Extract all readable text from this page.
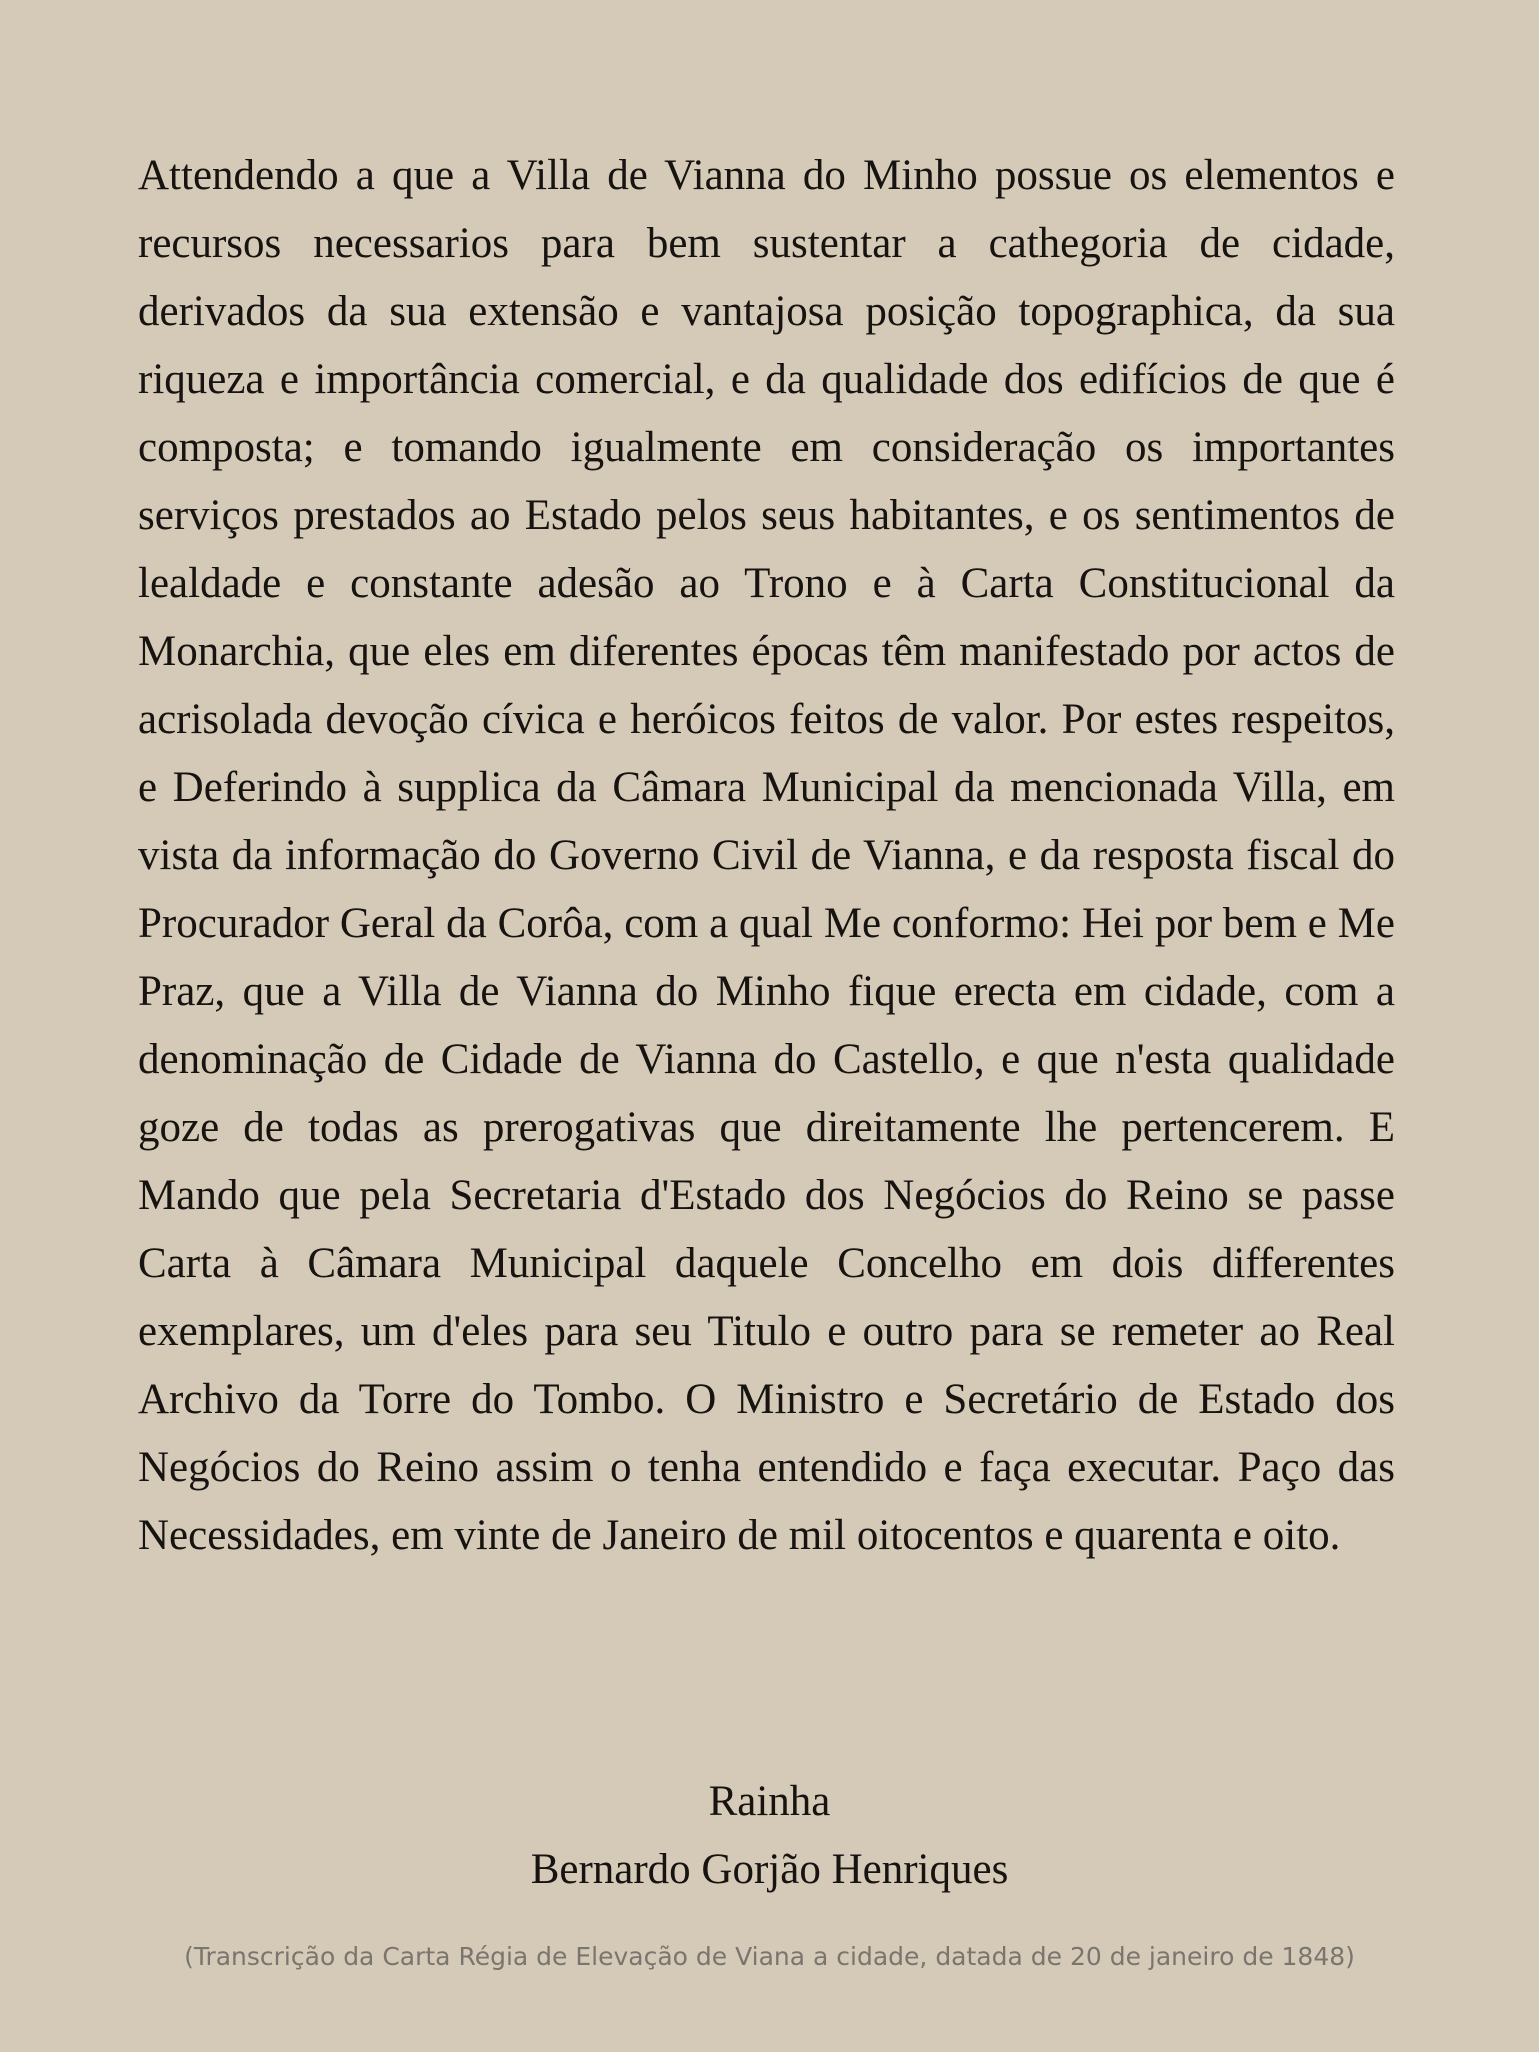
Attendendo a que a Villa de Vianna do Minho possue os elementos e recursos necessarios para bem sustentar a cathegoria de cidade, derivados da sua extensão e vantajosa posição topographica, da sua riqueza e importância comercial, e da qualidade dos edifícios de que é composta; e tomando igualmente em consideração os importantes serviços prestados ao Estado pelos seus habitantes, e os sentimentos de lealdade e constante adesão ao Trono e à Carta Constitucional da Monarchia, que eles em diferentes épocas têm manifestado por actos de acrisolada devoção cívica e heróicos feitos de valor. Por estes respeitos, e Deferindo à supplica da Câmara Municipal da mencionada Villa, em vista da informação do Governo Civil de Vianna, e da resposta fiscal do Procurador Geral da Corôa, com a qual Me conformo: Hei por bem e Me Praz, que a Villa de Vianna do Minho fique erecta em cidade, com a denominação de Cidade de Vianna do Castello, e que n'esta qualidade goze de todas as prerogativas que direitamente lhe pertencerem. E Mando que pela Secretaria d'Estado dos Negócios do Reino se passe Carta à Câmara Municipal daquele Concelho em dois differentes exemplares, um d'eles para seu Titulo e outro para se remeter ao Real Archivo da Torre do Tombo. O Ministro e Secretário de Estado dos Negócios do Reino assim o tenha entendido e faça executar. Paço das Necessidades, em vinte de Janeiro de mil oitocentos e quarenta e oito.

Rainha
Bernardo Gorjão Henriques
(Transcrição da Carta Régia de Elevação de Viana a cidade, datada de 20 de janeiro de 1848)
